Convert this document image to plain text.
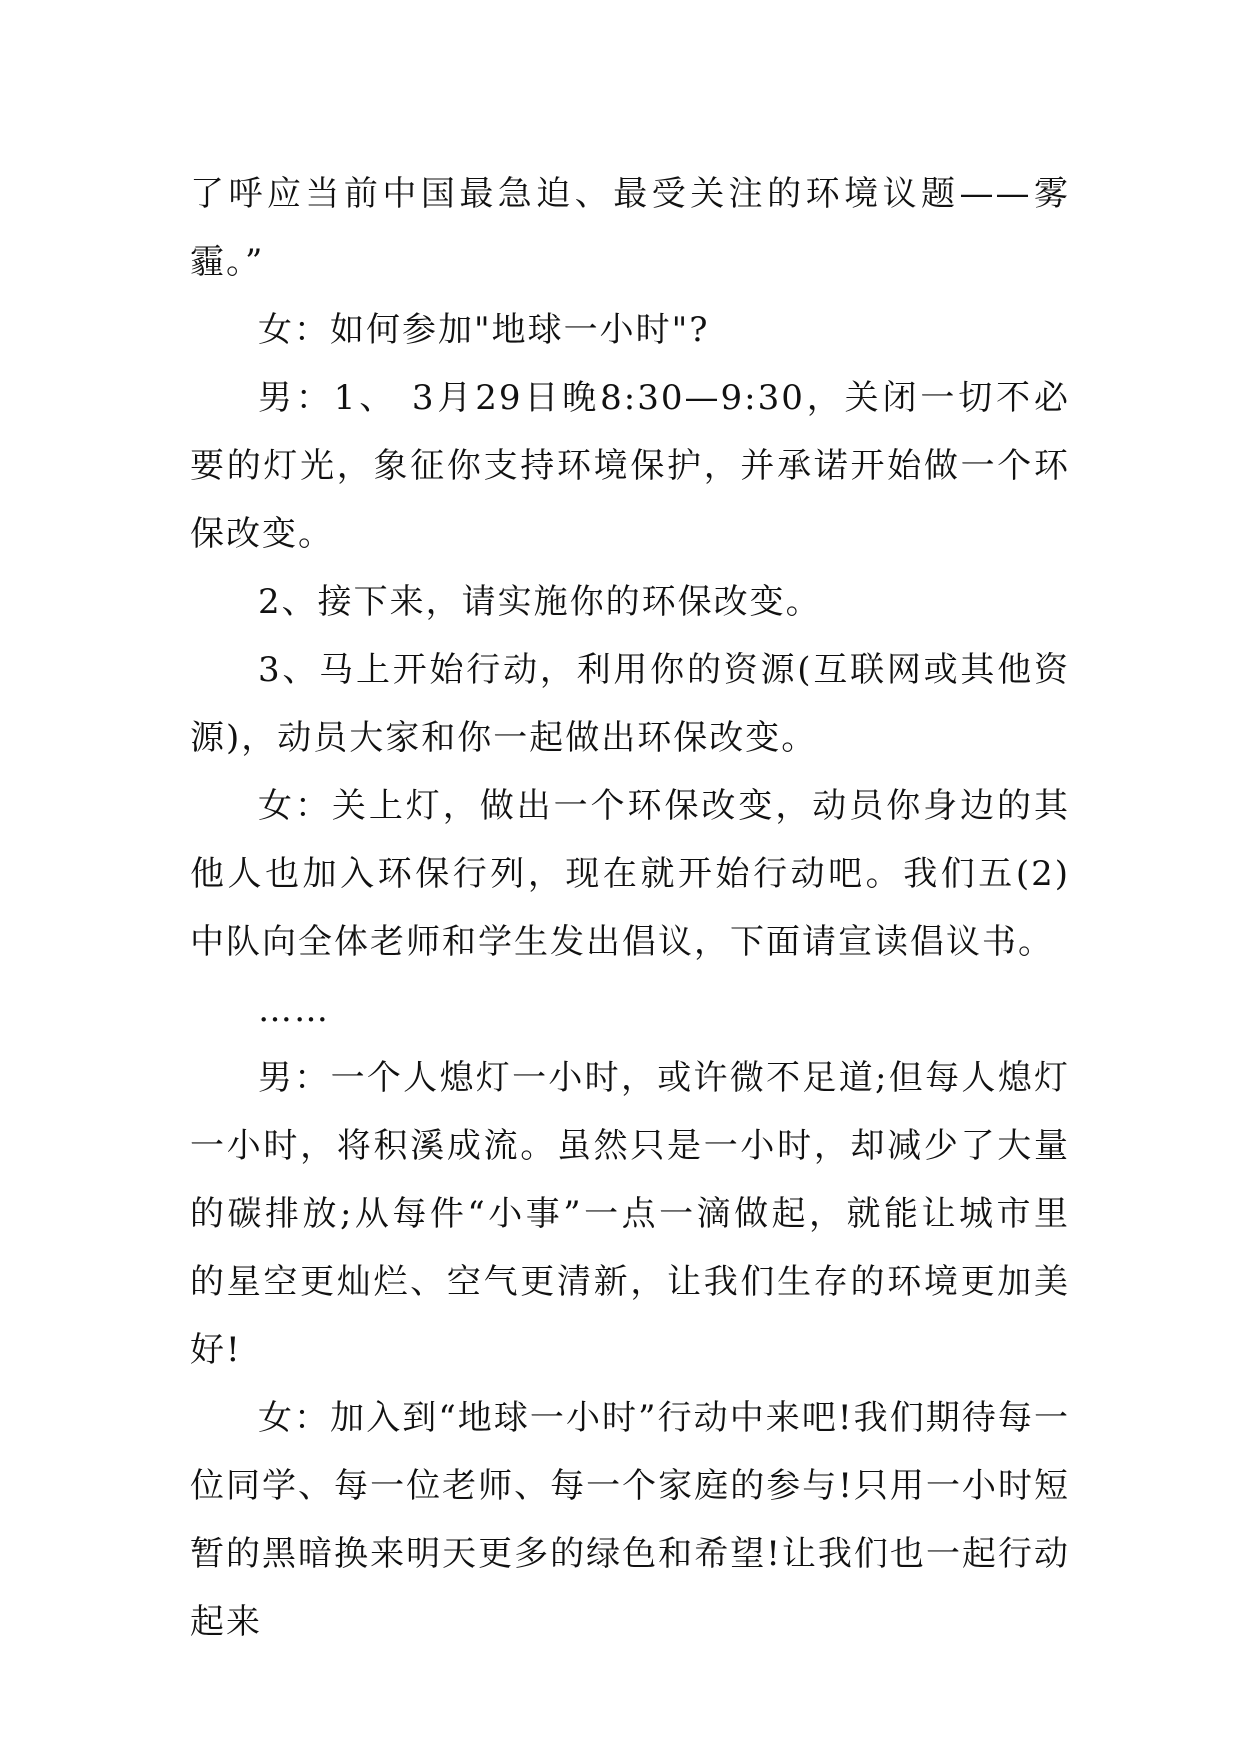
了呼应当前中国最急迫、最受关注的环境议题——雾霾。”

女：如何参加"地球一小时"?

男：1、 3月29日晚8:30—9:30，关闭一切不必要的灯光，象征你支持环境保护，并承诺开始做一个环保改变。

2、接下来，请实施你的环保改变。

3、马上开始行动，利用你的资源(互联网或其他资源)，动员大家和你一起做出环保改变。

女：关上灯，做出一个环保改变，动员你身边的其他人也加入环保行列，现在就开始行动吧。我们五(2)中队向全体老师和学生发出倡议，下面请宣读倡议书。

……

男：一个人熄灯一小时，或许微不足道;但每人熄灯一小时，将积溪成流。虽然只是一小时，却减少了大量的碳排放;从每件“小事”一点一滴做起，就能让城市里的星空更灿烂、空气更清新，让我们生存的环境更加美好!

女：加入到“地球一小时”行动中来吧!我们期待每一位同学、每一位老师、每一个家庭的参与!只用一小时短暂的黑暗换来明天更多的绿色和希望!让我们也一起行动起来
